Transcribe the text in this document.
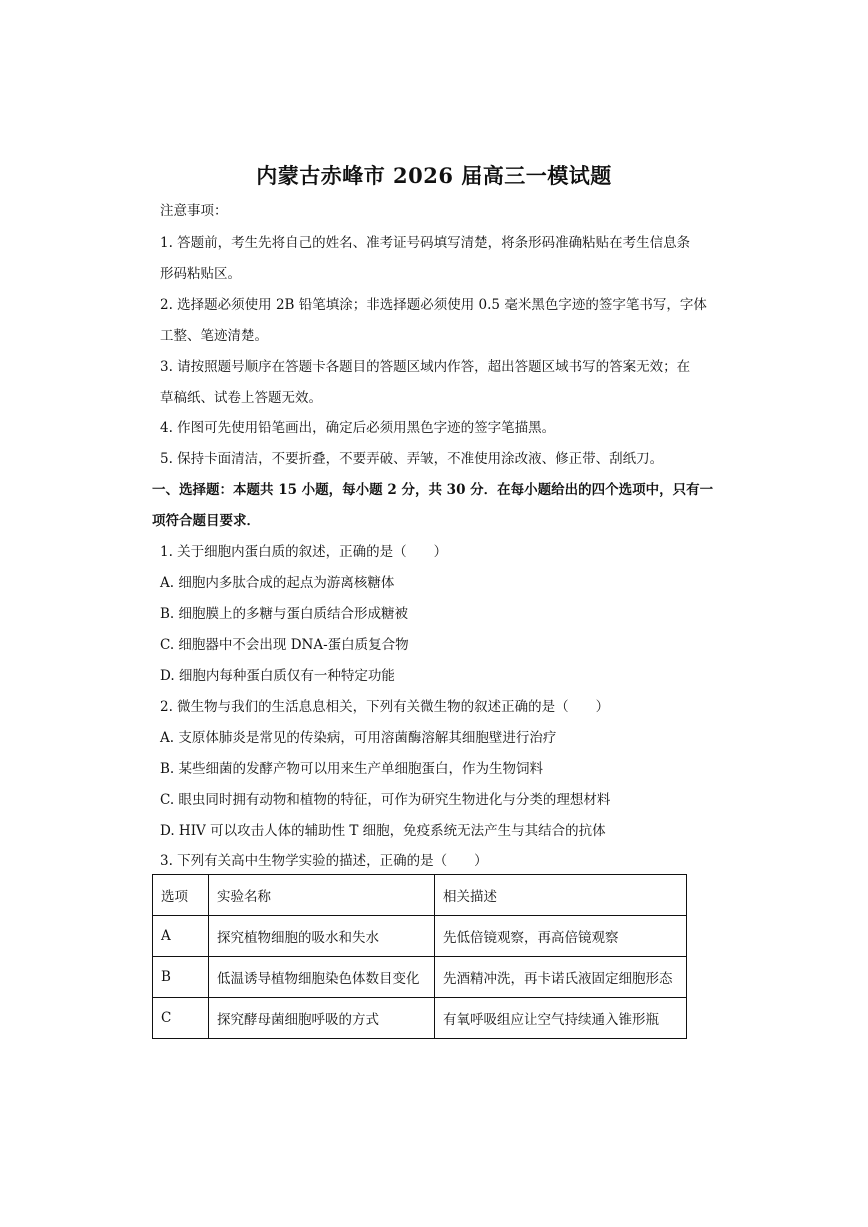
内蒙古赤峰市 2026 届高三一模试题
注意事项：
1. 答题前，考生先将自己的姓名、准考证号码填写清楚，将条形码准确粘贴在考生信息条
形码粘贴区。
2. 选择题必须使用 2B 铅笔填涂；非选择题必须使用 0.5 毫米黑色字迹的签字笔书写，字体
工整、笔迹清楚。
3. 请按照题号顺序在答题卡各题目的答题区域内作答，超出答题区域书写的答案无效；在
草稿纸、试卷上答题无效。
4. 作图可先使用铅笔画出，确定后必须用黑色字迹的签字笔描黑。
5. 保持卡面清洁，不要折叠，不要弄破、弄皱，不准使用涂改液、修正带、刮纸刀。
一、选择题：本题共 15 小题，每小题 2 分，共 30 分．在每小题给出的四个选项中，只有一
项符合题目要求．
1. 关于细胞内蛋白质的叙述，正确的是（　　）
A. 细胞内多肽合成的起点为游离核糖体
B. 细胞膜上的多糖与蛋白质结合形成糖被
C. 细胞器中不会出现 DNA-蛋白质复合物
D. 细胞内每种蛋白质仅有一种特定功能
2. 微生物与我们的生活息息相关，下列有关微生物的叙述正确的是（　　）
A. 支原体肺炎是常见的传染病，可用溶菌酶溶解其细胞壁进行治疗
B. 某些细菌的发酵产物可以用来生产单细胞蛋白，作为生物饲料
C. 眼虫同时拥有动物和植物的特征，可作为研究生物进化与分类的理想材料
D. HIV 可以攻击人体的辅助性 T 细胞，免疫系统无法产生与其结合的抗体
3. 下列有关高中生物学实验的描述，正确的是（　　）
选项	实验名称	相关描述
A	探究植物细胞的吸水和失水	先低倍镜观察，再高倍镜观察
B	低温诱导植物细胞染色体数目变化	先酒精冲洗，再卡诺氏液固定细胞形态
C	探究酵母菌细胞呼吸的方式	有氧呼吸组应让空气持续通入锥形瓶
